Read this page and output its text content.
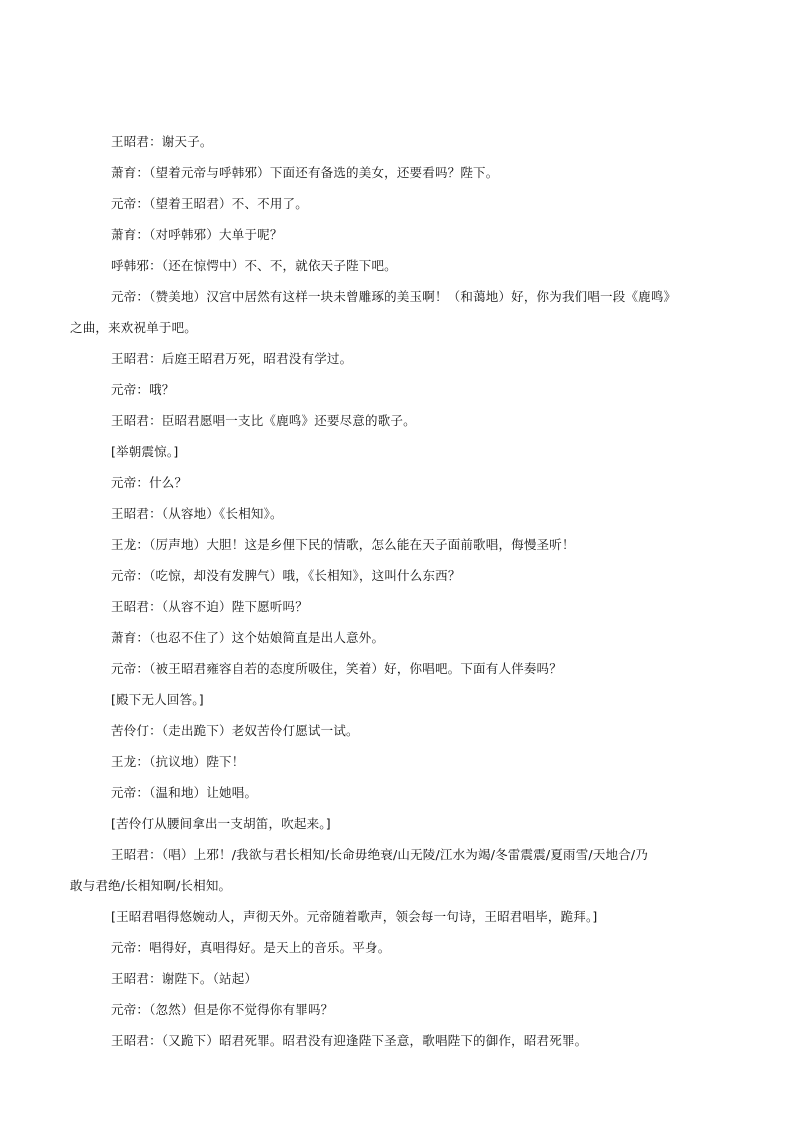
王昭君：谢天子。
萧育：（望着元帝与呼韩邪）下面还有备选的美女，还要看吗？陛下。
元帝：（望着王昭君）不、不用了。
萧育：（对呼韩邪）大单于呢？
呼韩邪：（还在惊愕中）不、不，就依天子陛下吧。
元帝：（赞美地）汉宫中居然有这样一块未曾雕琢的美玉啊！（和蔼地）好，你为我们唱一段《鹿鸣》
之曲，来欢祝单于吧。
王昭君：后庭王昭君万死，昭君没有学过。
元帝：哦？
王昭君：臣昭君愿唱一支比《鹿鸣》还要尽意的歌子。
[举朝震惊。]
元帝：什么？
王昭君：（从容地）《长相知》。
王龙：（厉声地）大胆！这是乡俚下民的情歌，怎么能在天子面前歌唱，侮慢圣听！
元帝：（吃惊，却没有发脾气）哦，《长相知》，这叫什么东西？
王昭君：（从容不迫）陛下愿听吗？
萧育：（也忍不住了）这个姑娘简直是出人意外。
元帝：（被王昭君雍容自若的态度所吸住，笑着）好，你唱吧。下面有人伴奏吗？
[殿下无人回答。]
苦伶仃：（走出跪下）老奴苦伶仃愿试一试。
王龙：（抗议地）陛下！
元帝：（温和地）让她唱。
[苦伶仃从腰间拿出一支胡笛，吹起来。]
王昭君：（唱）上邪！/我欲与君长相知/长命毋绝衰/山无陵/江水为竭/冬雷震震/夏雨雪/天地合/乃
敢与君绝/长相知啊/长相知。
[王昭君唱得悠婉动人，声彻天外。元帝随着歌声，领会每一句诗，王昭君唱毕，跪拜。]
元帝：唱得好，真唱得好。是天上的音乐。平身。
王昭君：谢陛下。（站起）
元帝：（忽然）但是你不觉得你有罪吗？
王昭君：（又跪下）昭君死罪。昭君没有迎逢陛下圣意，歌唱陛下的御作，昭君死罪。
